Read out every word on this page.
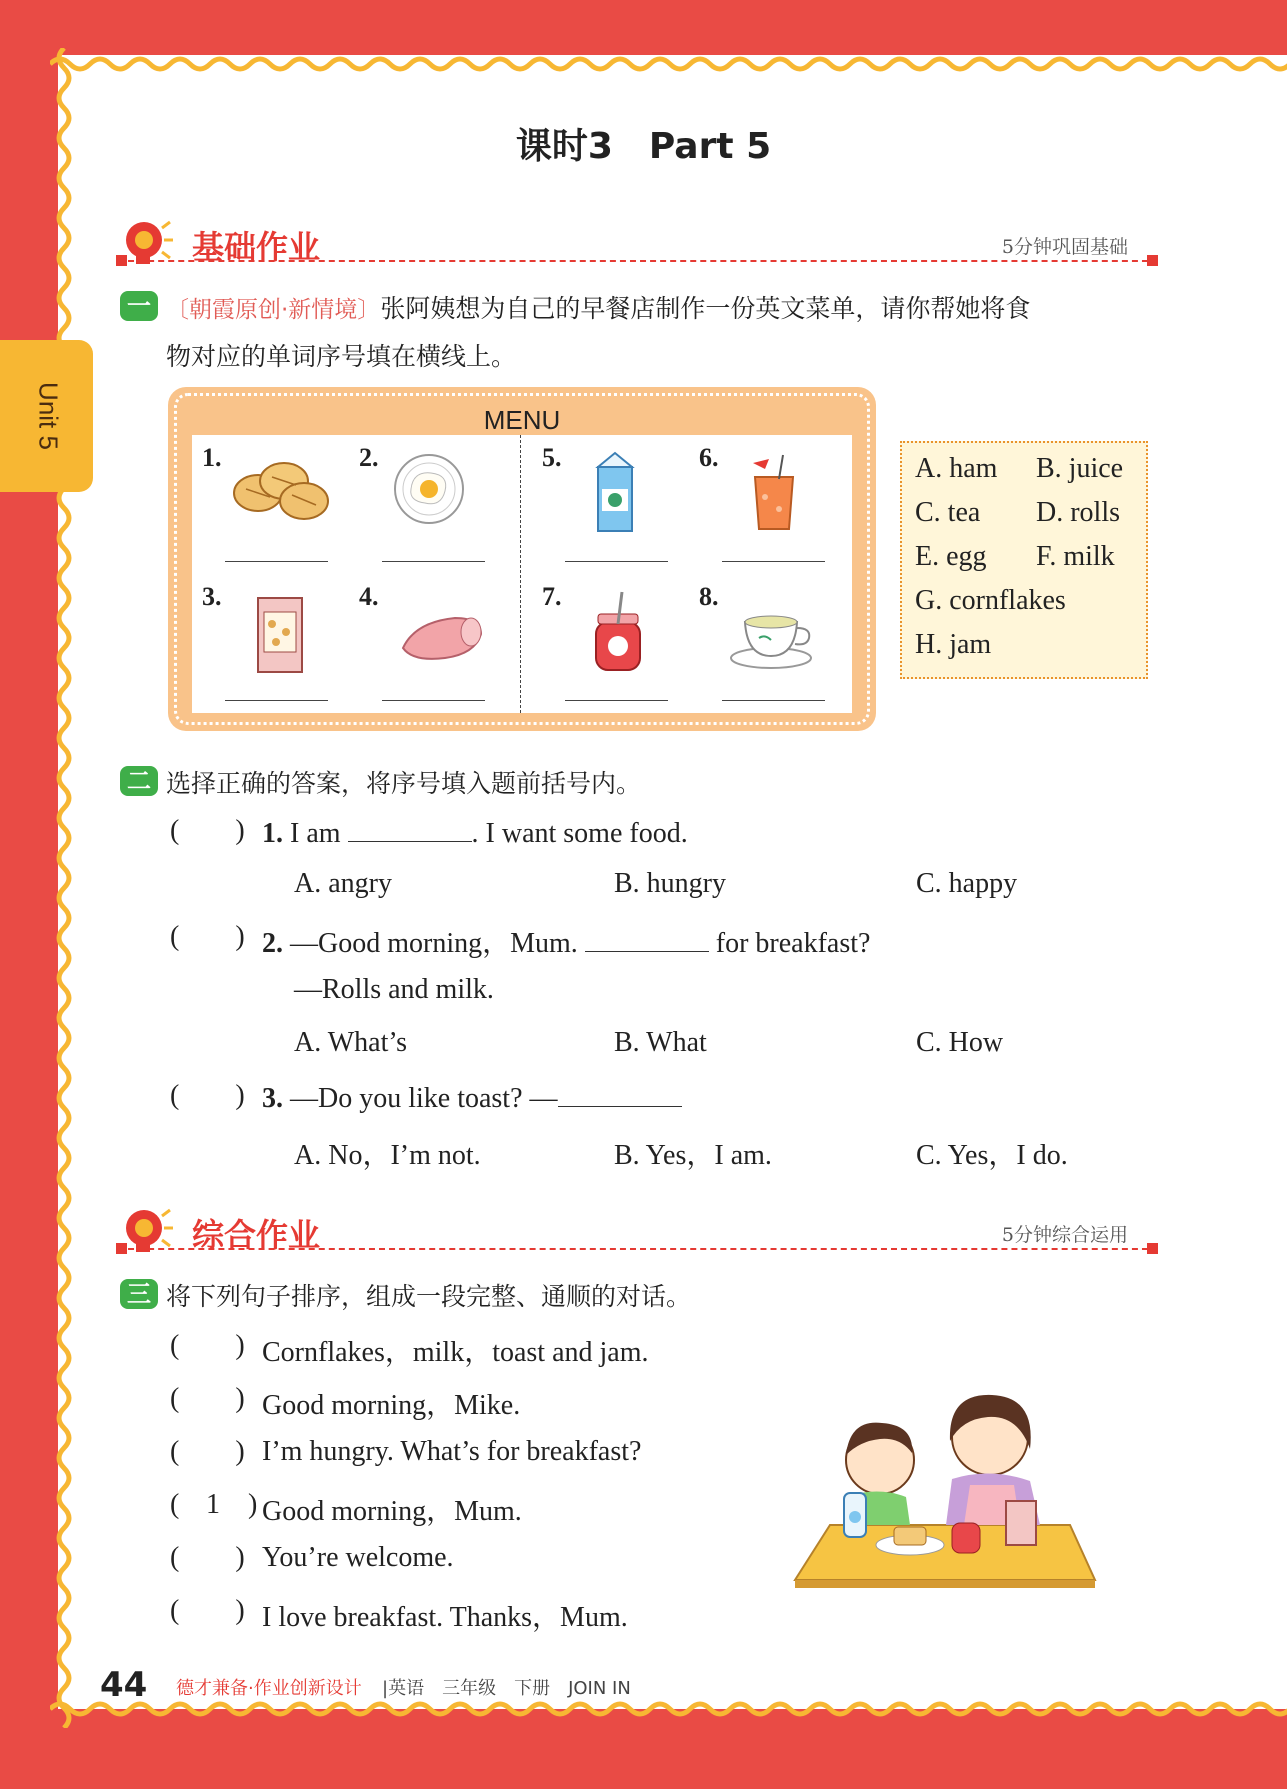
Unit 5
课时3　Part 5
基础作业	5分钟巩固基础
一 〔朝霞原创·新情境〕张阿姨想为自己的早餐店制作一份英文菜单，请你帮她将食
物对应的单词序号填在横线上。
MENU
1.	2.	5.	6.
3.	4.	7.	8.
A. ham B. juice
C. tea D. rolls
E. egg F. milk
G. cornflakes
H. jam
二 选择正确的答案，将序号填入题前括号内。
(  ) 1. I am	. I want some food.
A. angry	B. hungry	C. happy
(  ) 2. —Good morning，Mum.	for breakfast?
—Rolls and milk.
A. What’s	B. What	C. How
(  ) 3. —Do you like toast? —
A. No，I’m not.	B. Yes，I am.	C. Yes，I do.
综合作业	5分钟综合运用
三 将下列句子排序，组成一段完整、通顺的对话。
(  ) Cornflakes，milk，toast and jam.
(  ) Good morning，Mike.
(  ) I’m hungry. What’s for breakfast?
( 1 ) Good morning，Mum.
(  ) You’re welcome.
(  ) I love breakfast. Thanks，Mum.
44 德才兼备·作业创新设计 |英语　三年级　下册　JOIN IN
